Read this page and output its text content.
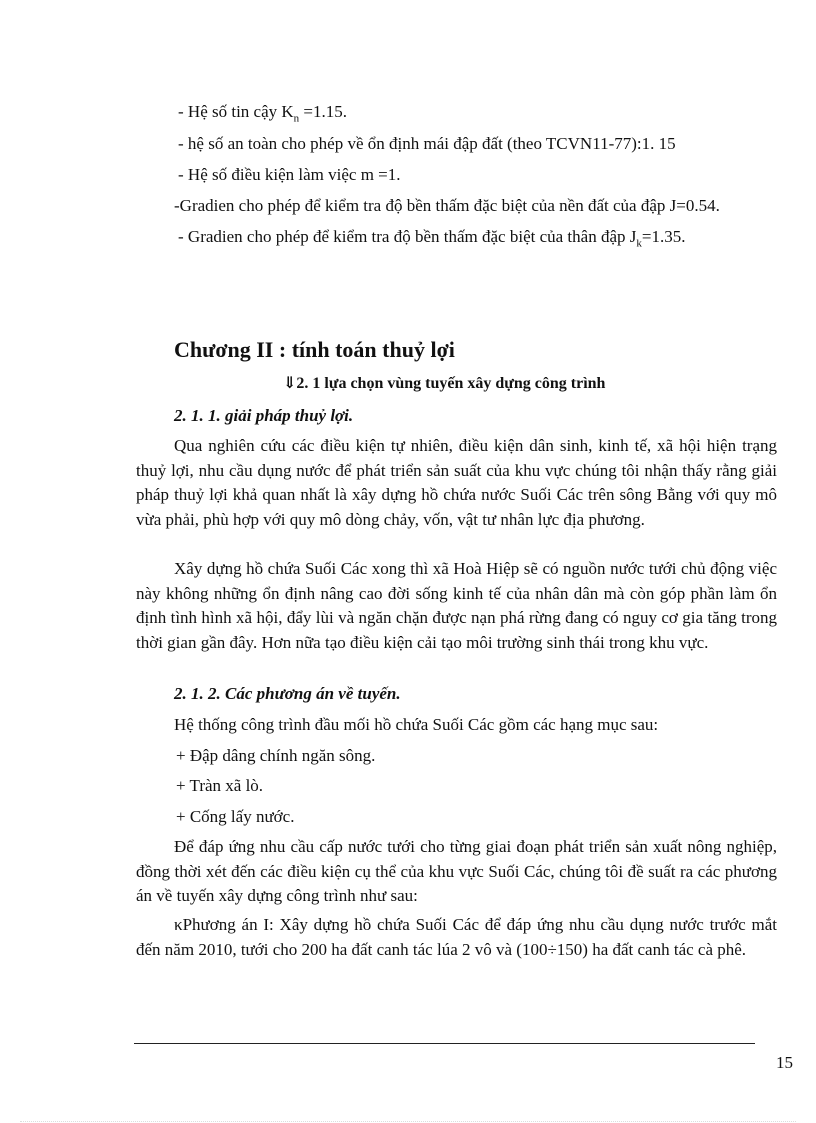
- Hệ số tin cậy $K_n =1.15$.
- hệ số an toàn cho phép về ổn định mái đập đất (theo TCVN11-77):1. 15
- Hệ số điều kiện làm việc m =1.
-Gradien cho phép để kiểm tra độ bền thấm đặc biệt của nền đất của đập J=0.54.
- Gradien cho phép để kiểm tra độ bền thấm đặc biệt của thân đập $J_k=1.35$.
Chương II : tính toán thuỷ lợi
⇓2. 1 lựa chọn vùng tuyến xây dựng công trình
2. 1. 1. giải pháp thuỷ lợi.
Qua nghiên cứu các điều kiện tự nhiên, điều kiện dân sinh, kinh tế, xã hội hiện trạng thuỷ lợi, nhu cầu dụng nước để phát triển sản suất của khu vực chúng tôi nhận thấy rằng giải pháp thuỷ lợi khả quan nhất là xây dựng hồ chứa nước Suối Các trên sông Bằng với quy mô vừa phải, phù hợp với quy mô dòng chảy, vốn, vật tư nhân lực địa phương.
Xây dựng hồ chứa Suối Các xong thì xã Hoà Hiệp sẽ có nguồn nước tưới chủ động việc này không những ổn định nâng cao đời sống kinh tế của nhân dân mà còn góp phần làm ổn định tình hình xã hội, đẩy lùi và ngăn chặn được nạn phá rừng đang có nguy cơ gia tăng trong thời gian gần đây. Hơn nữa tạo điều kiện cải tạo môi trường sinh thái trong khu vực.
2. 1. 2. Các phương án về tuyến.
Hệ thống công trình đầu mối hồ chứa Suối Các gồm các hạng mục sau:
+ Đập dâng chính ngăn sông.
+ Tràn xã lò.
+ Cống lấy nước.
Để đáp ứng nhu cầu cấp nước tưới cho từng giai đoạn phát triển sản xuất nông nghiệp, đồng thời xét đến các điều kiện cụ thể của khu vực Suối Các, chúng tôi đề suất ra các phương án về tuyến xây dựng công trình như sau:
κPhương án I: Xây dựng hồ chứa Suối Các để đáp ứng nhu cầu dụng nước trước mắt đến năm 2010, tưới cho 200 ha đất canh tác lúa 2 vô và (100÷150) ha đất canh tác cà phê.
15
